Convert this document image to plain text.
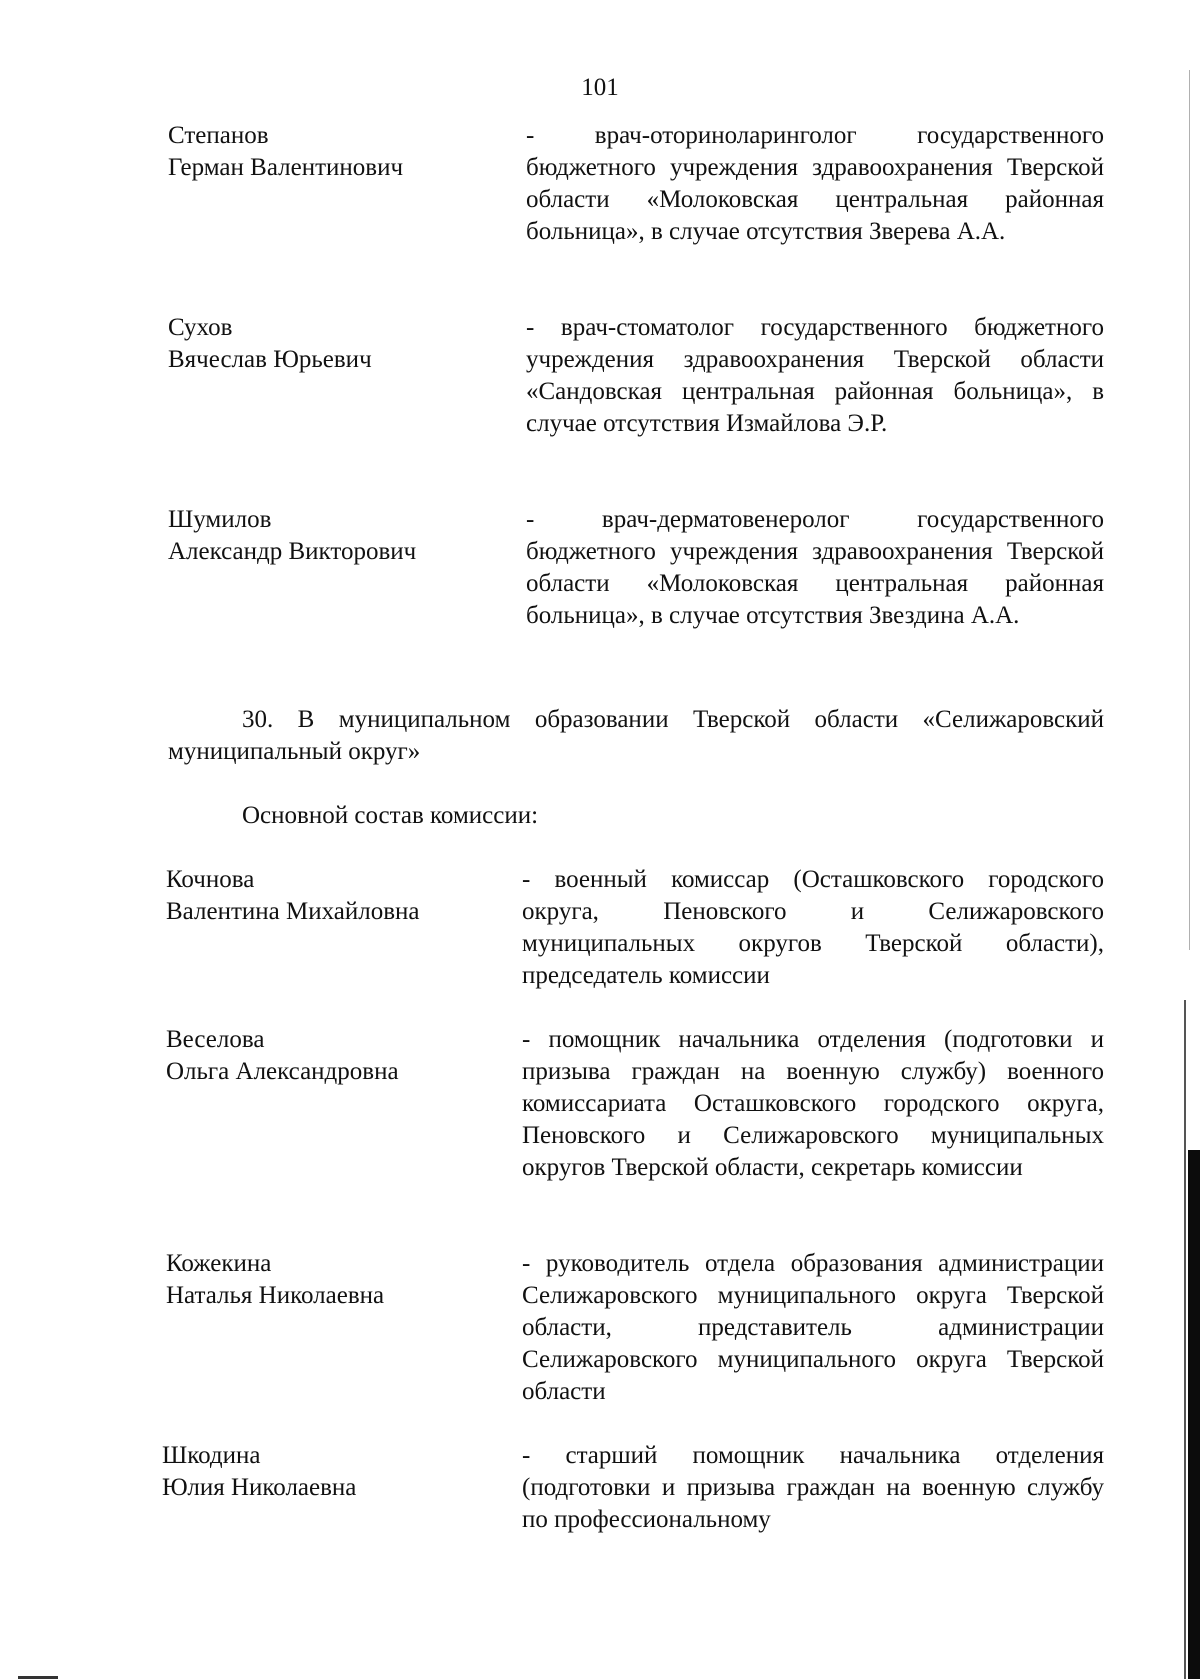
101
Степанов
Герман Валентинович
- врач-оториноларинголог государственного бюджетного учреждения здравоохранения Тверской области «Молоковская центральная районная больница», в случае отсутствия Зверева А.А.
Сухов
Вячеслав Юрьевич
- врач-стоматолог государственного бюджетного учреждения здравоохранения Тверской области «Сандовская центральная районная больница», в случае отсутствия Измайлова Э.Р.
Шумилов
Александр Викторович
- врач-дерматовенеролог государственного бюджетного учреждения здравоохранения Тверской области «Молоковская центральная районная больница», в случае отсутствия Звездина А.А.
30. В муниципальном образовании Тверской области «Селижаровский муниципальный округ»
Основной состав комиссии:
Кочнова
Валентина Михайловна
- военный комиссар (Осташковского городского округа, Пеновского и Селижаровского муниципальных округов Тверской области), председатель комиссии
Веселова
Ольга Александровна
- помощник начальника отделения (подготовки и призыва граждан на военную службу) военного комиссариата Осташковского городского округа, Пеновского и Селижаровского муниципальных округов Тверской области, секретарь комиссии
Кожекина
Наталья Николаевна
- руководитель отдела образования администрации Селижаровского муниципального округа Тверской области, представитель администрации Селижаровского муниципального округа Тверской области
Шкодина
Юлия Николаевна
- старший помощник начальника отделения (подготовки и призыва граждан на военную службу по профессиональному
